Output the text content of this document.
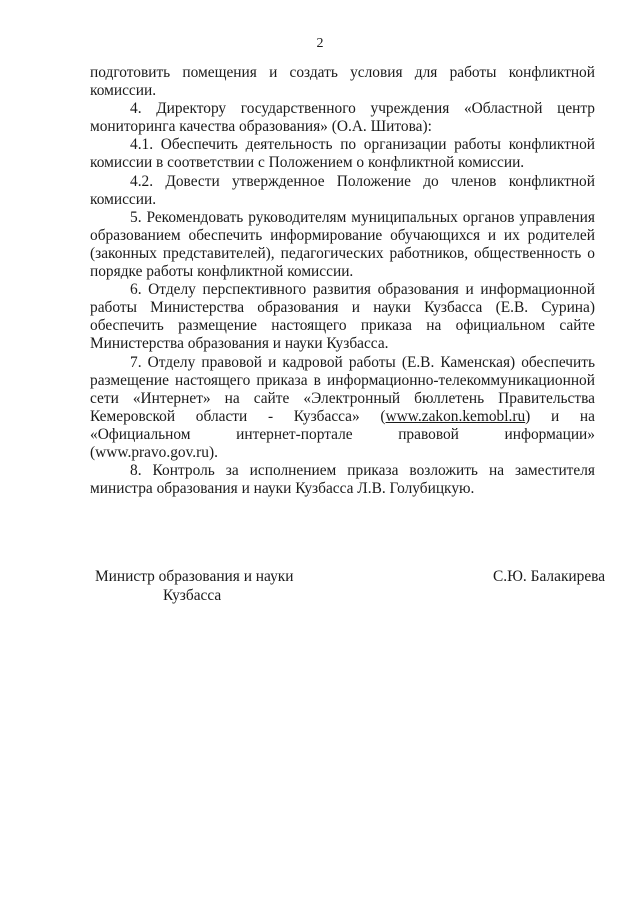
2

подготовить помещения и создать условия для работы конфликтной комиссии.

4. Директору государственного учреждения «Областной центр мониторинга качества образования» (О.А. Шитова):

4.1. Обеспечить деятельность по организации работы конфликтной комиссии в соответствии с Положением о конфликтной комиссии.

4.2. Довести утвержденное Положение до членов конфликтной комиссии.

5. Рекомендовать руководителям муниципальных органов управления образованием обеспечить информирование обучающихся и их родителей (законных представителей), педагогических работников, общественность о порядке работы конфликтной комиссии.

6. Отделу перспективного развития образования и информационной работы Министерства образования и науки Кузбасса (Е.В. Сурина) обеспечить размещение настоящего приказа на официальном сайте Министерства образования и науки Кузбасса.

7. Отделу правовой и кадровой работы (Е.В. Каменская) обеспечить размещение настоящего приказа в информационно-телекоммуникационной сети «Интернет» на сайте «Электронный бюллетень Правительства Кемеровской области - Кузбасса» (www.zakon.kemobl.ru) и на «Официальном интернет-портале правовой информации» (www.pravo.gov.ru).

8. Контроль за исполнением приказа возложить на заместителя министра образования и науки Кузбасса Л.В. Голубицкую.

Министр образования и науки
Кузбасса
С.Ю. Балакирева
